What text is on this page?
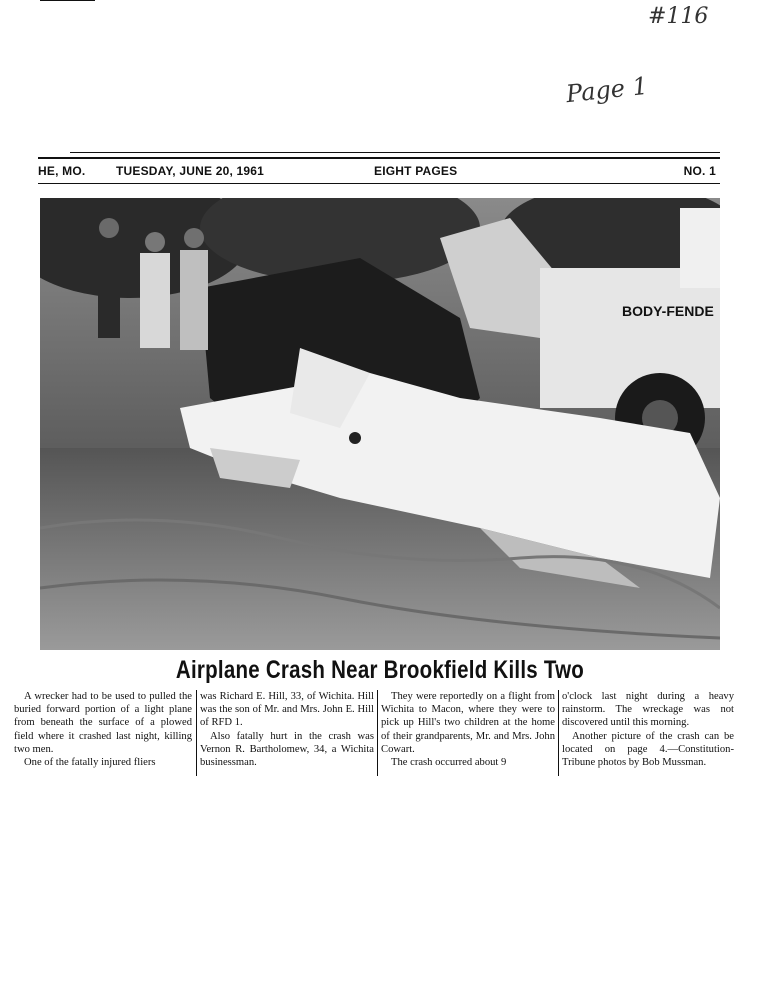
#116
Page 1
HE, MO.	TUESDAY, JUNE 20, 1961	EIGHT PAGES	NO. 1
BODY-FENDE
Airplane Crash Near Brookfield Kills Two

A wrecker had to be used to pulled the buried forward portion of a light plane from beneath the surface of a plowed field where it crashed last night, killing two men.

One of the fatally injured fliers

was Richard E. Hill, 33, of Wichita. Hill was the son of Mr. and Mrs. John E. Hill of RFD 1.

Also fatally hurt in the crash was Vernon R. Bartholomew, 34, a Wichita businessman.

They were reportedly on a flight from Wichita to Macon, where they were to pick up Hill's two children at the home of their grandparents, Mr. and Mrs. John Cowart.

The crash occurred about 9

o'clock last night during a heavy rainstorm. The wreckage was not discovered until this morning.

Another picture of the crash can be located on page 4.—Constitution-Tribune photos by Bob Mussman.
